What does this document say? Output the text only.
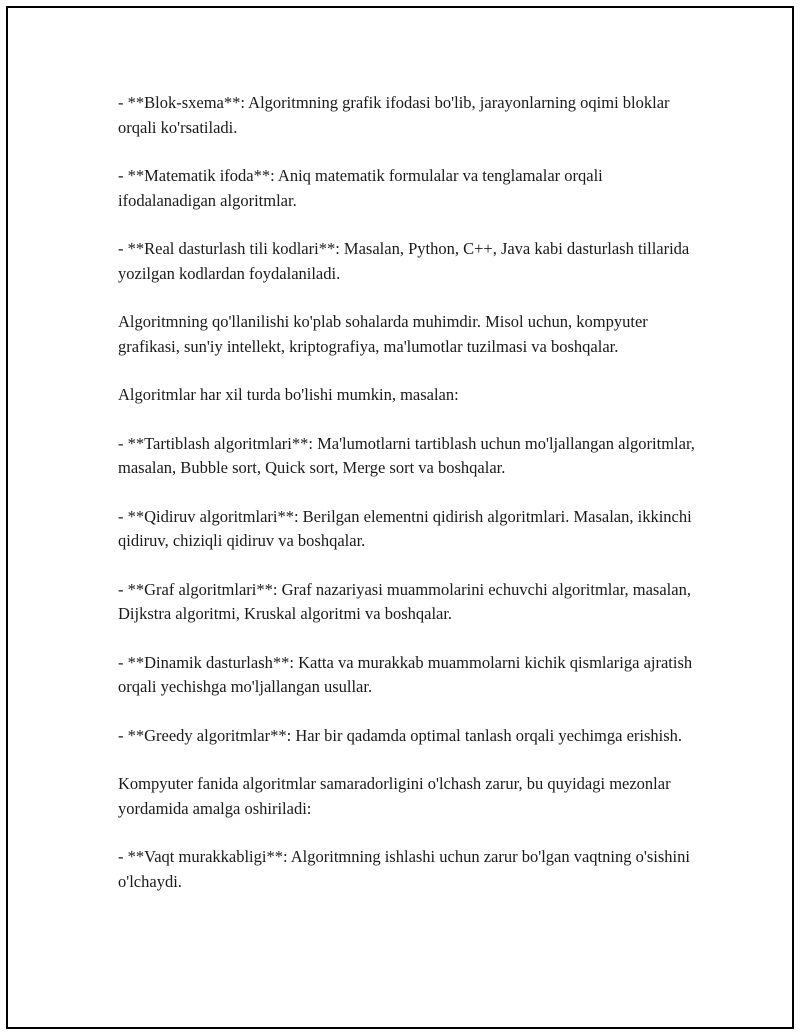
- **Blok-sxema**: Algoritmning grafik ifodasi bo'lib, jarayonlarning oqimi bloklar orqali ko'rsatiladi.

- **Matematik ifoda**: Aniq matematik formulalar va tenglamalar orqali ifodalanadigan algoritmlar.

- **Real dasturlash tili kodlari**: Masalan, Python, C++, Java kabi dasturlash tillarida yozilgan kodlardan foydalaniladi.

Algoritmning qo'llanilishi ko'plab sohalarda muhimdir. Misol uchun, kompyuter grafikasi, sun'iy intellekt, kriptografiya, ma'lumotlar tuzilmasi va boshqalar.

Algoritmlar har xil turda bo'lishi mumkin, masalan:

- **Tartiblash algoritmlari**: Ma'lumotlarni tartiblash uchun mo'ljallangan algoritmlar, masalan, Bubble sort, Quick sort, Merge sort va boshqalar.

- **Qidiruv algoritmlari**: Berilgan elementni qidirish algoritmlari. Masalan, ikkinchi qidiruv, chiziqli qidiruv va boshqalar.

- **Graf algoritmlari**: Graf nazariyasi muammolarini echuvchi algoritmlar, masalan, Dijkstra algoritmi, Kruskal algoritmi va boshqalar.

- **Dinamik dasturlash**: Katta va murakkab muammolarni kichik qismlariga ajratish orqali yechishga mo'ljallangan usullar.

- **Greedy algoritmlar**: Har bir qadamda optimal tanlash orqali yechimga erishish.

Kompyuter fanida algoritmlar samaradorligini o'lchash zarur, bu quyidagi mezonlar yordamida amalga oshiriladi:

- **Vaqt murakkabligi**: Algoritmning ishlashi uchun zarur bo'lgan vaqtning o'sishini o'lchaydi.
